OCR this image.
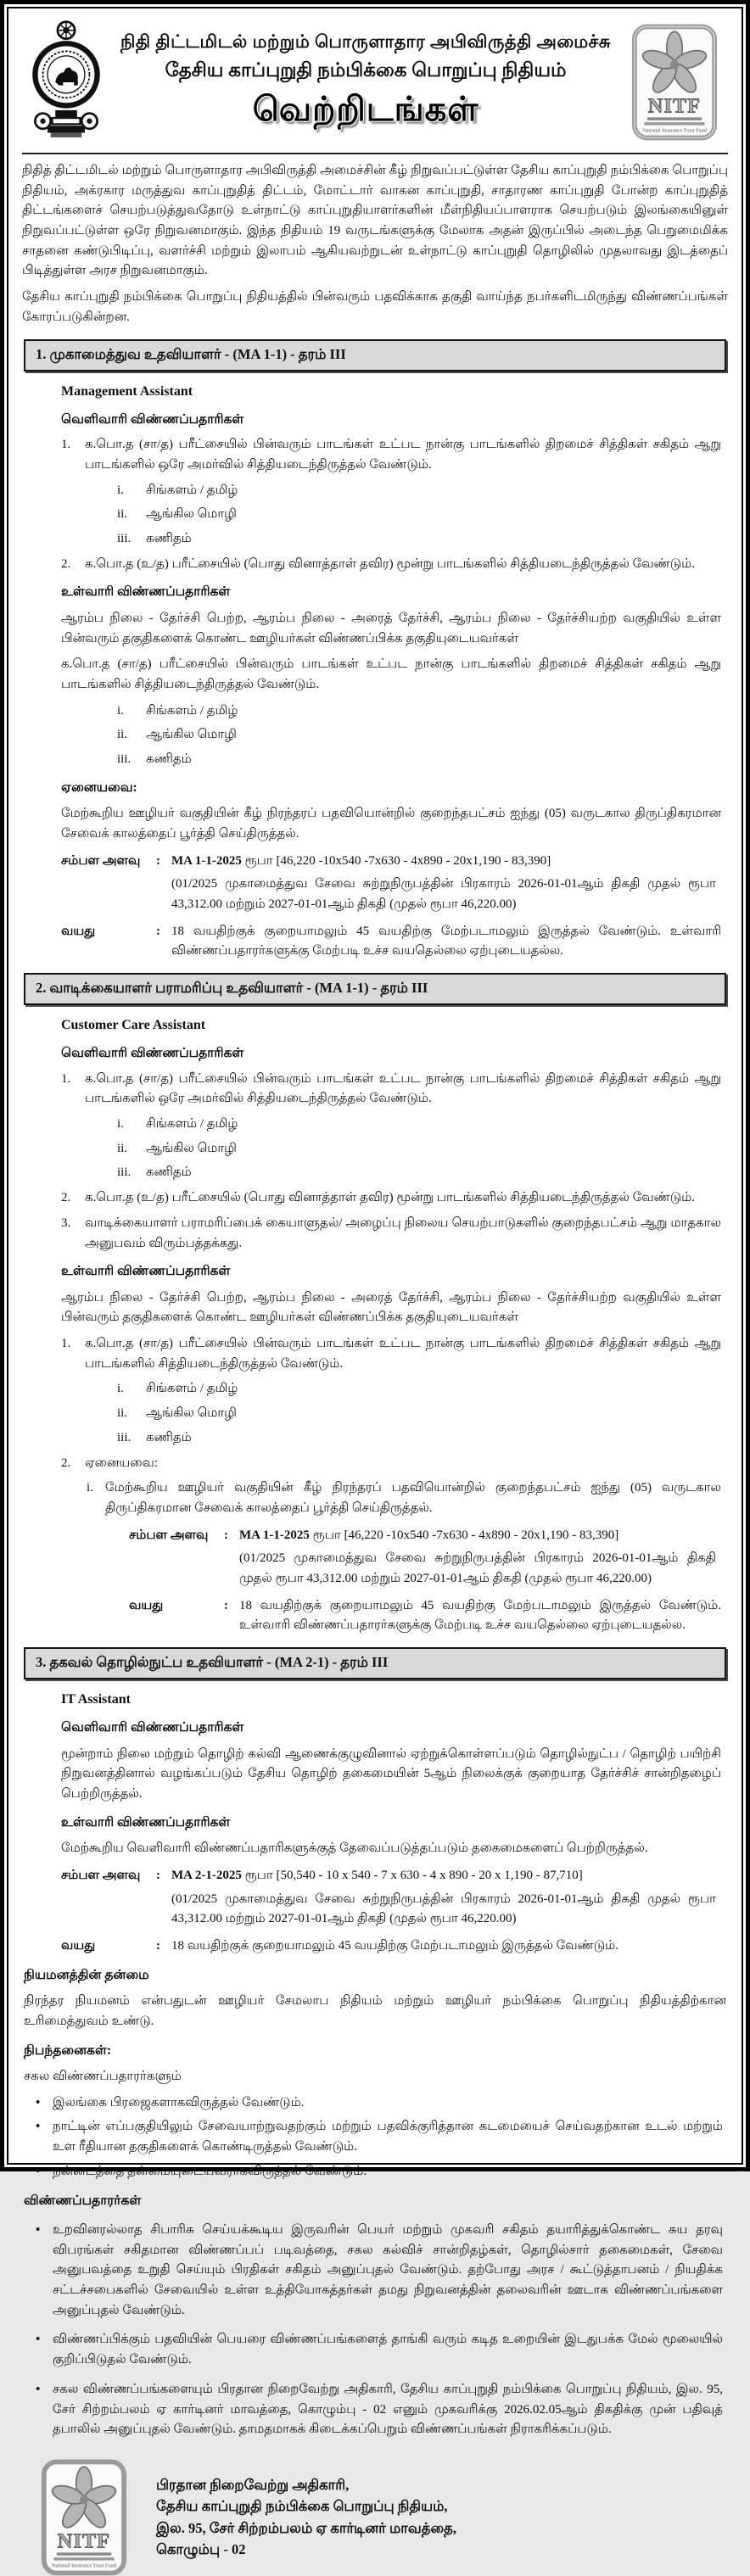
நிதி திட்டமிடல் மற்றும் பொருளாதார அபிவிருத்தி அமைச்சு
தேசிய காப்புறுதி நம்பிக்கை பொறுப்பு நிதியம்
வெற்றிடங்கள்	NITF
National Insurance Trust Fund

நிதித் திட்டமிடல் மற்றும் பொருளாதார அபிவிருத்தி அமைச்சின் கீழ் நிறுவப்பட்டுள்ள தேசிய காப்புறுதி நம்பிக்கை பொறுப்பு நிதியம், அக்ரகார மருத்துவ காப்புறுதித் திட்டம், மோட்டார் வாகன காப்புறுதி, சாதாரண காப்புறுதி போன்ற காப்புறுதித் திட்டங்களைச் செயற்படுத்துவதோடு உள்நாட்டு காப்புறுதியாளர்களின் மீள்நிதியப்பாளராக செயற்படும் இலங்கையினுள் நிறுவப்பட்டுள்ள ஒரே நிறுவனமாகும். இந்த நிதியம் 19 வருடங்களுக்கு மேலாக அதன் இருப்பில் அடைந்த பெறுமைமிக்க சாதனை கண்டுபிடிப்பு, வளர்ச்சி மற்றும் இலாபம் ஆகியவற்றுடன் உள்நாட்டு காப்புறுதி தொழிலில் முதலாவது இடத்தைப் பிடித்துள்ள அரச நிறுவனமாகும்.

தேசிய காப்புறுதி நம்பிக்கை பொறுப்பு நிதியத்தில் பின்வரும் பதவிக்காக தகுதி வாய்ந்த நபர்களிடமிருந்து விண்ணப்பங்கள் கோரப்படுகின்றன.

1. முகாமைத்துவ உதவியாளர் - (MA 1-1) - தரம் III
Management Assistant
வெளிவாரி விண்ணப்பதாரிகள்
1.	க.பொ.த (சா/த) பரீட்சையில் பின்வரும் பாடங்கள் உட்பட நான்கு பாடங்களில் திறமைச் சித்திகள் சகிதம் ஆறு பாடங்களில் ஒரே அமர்வில் சித்தியடைந்திருத்தல் வேண்டும்.
i.	சிங்களம் / தமிழ்
ii.	ஆங்கில மொழி
iii.	கணிதம்
2.	க.பொ.த (உ/த) பரீட்சையில் (பொது வினாத்தாள் தவிர) மூன்று பாடங்களில் சித்தியடைந்திருத்தல் வேண்டும்.
உள்வாரி விண்ணப்பதாரிகள்

ஆரம்ப நிலை - தேர்ச்சி பெற்ற, ஆரம்ப நிலை - அரைத் தேர்ச்சி, ஆரம்ப நிலை - தேர்ச்சியற்ற வகுதியில் உள்ள பின்வரும் தகுதிகளைக் கொண்ட ஊழியர்கள் விண்ணப்பிக்க தகுதியுடையவர்கள்

க.பொ.த (சா/த) பரீட்சையில் பின்வரும் பாடங்கள் உட்பட நான்கு பாடங்களில் திறமைச் சித்திகள் சகிதம் ஆறு பாடங்களில் சித்தியடைந்திருத்தல் வேண்டும்.

i.	சிங்களம் / தமிழ்
ii.	ஆங்கில மொழி
iii.	கணிதம்
ஏனையவை:

மேற்கூறிய ஊழியர் வகுதியின் கீழ் நிரந்தரப் பதவியொன்றில் குறைந்தபட்சம் ஐந்து (05) வருடகால திருப்திகரமான சேவைக் காலத்தைப் பூர்த்தி செய்திருத்தல்.

சம்பள அளவு	: MA 1-1-2025 ரூபா [46,220 -10x540 -7x630 - 4x890 - 20x1,190 - 83,390]
(01/2025 முகாமைத்துவ சேவை சுற்றுநிருபத்தின் பிரகாரம் 2026-01-01ஆம் திகதி முதல் ரூபா 43,312.00 மற்றும் 2027-01-01ஆம் திகதி (முதல் ரூபா 46,220.00)
வயது	: 18 வயதிற்குக் குறையாமலும் 45 வயதிற்கு மேற்படாமலும் இருத்தல் வேண்டும். உள்வாரி விண்ணப்பதாரர்களுக்கு மேற்படி உச்ச வயதெல்லை ஏற்புடையதல்ல.
2. வாடிக்கையாளர் பராமரிப்பு உதவியாளர் - (MA 1-1) - தரம் III
Customer Care Assistant
வெளிவாரி விண்ணப்பதாரிகள்
1.	க.பொ.த (சா/த) பரீட்சையில் பின்வரும் பாடங்கள் உட்பட நான்கு பாடங்களில் திறமைச் சித்திகள் சகிதம் ஆறு பாடங்களில் ஒரே அமர்வில் சித்தியடைந்திருத்தல் வேண்டும்.
i.	சிங்களம் / தமிழ்
ii.	ஆங்கில மொழி
iii.	கணிதம்
2.	க.பொ.த (உ/த) பரீட்சையில் (பொது வினாத்தாள் தவிர) மூன்று பாடங்களில் சித்தியடைந்திருத்தல் வேண்டும்.
3.	வாடிக்கையாளர் பராமரிப்பைக் கையாளுதல்/ அழைப்பு நிலைய செயற்பாடுகளில் குறைந்தபட்சம் ஆறு மாதகால அனுபவம் விரும்பத்தக்கது.
உள்வாரி விண்ணப்பதாரிகள்

ஆரம்ப நிலை - தேர்ச்சி பெற்ற, ஆரம்ப நிலை - அரைத் தேர்ச்சி, ஆரம்ப நிலை - தேர்ச்சியற்ற வகுதியில் உள்ள பின்வரும் தகுதிகளைக் கொண்ட ஊழியர்கள் விண்ணப்பிக்க தகுதியுடையவர்கள்

1.	க.பொ.த (சா/த) பரீட்சையில் பின்வரும் பாடங்கள் உட்பட நான்கு பாடங்களில் திறமைச் சித்திகள் சகிதம் ஆறு பாடங்களில் சித்தியடைந்திருத்தல் வேண்டும்.
i.	சிங்களம் / தமிழ்
ii.	ஆங்கில மொழி
iii.	கணிதம்
2.	ஏனையவை:
i. மேற்கூறிய ஊழியர் வகுதியின் கீழ் நிரந்தரப் பதவியொன்றில் குறைந்தபட்சம் ஐந்து (05) வருடகால திருப்திகரமான சேவைக் காலத்தைப் பூர்த்தி செய்திருத்தல்.
சம்பள அளவு	: MA 1-1-2025 ரூபா [46,220 -10x540 -7x630 - 4x890 - 20x1,190 - 83,390]
(01/2025 முகாமைத்துவ சேவை சுற்றுநிருபத்தின் பிரகாரம் 2026-01-01ஆம் திகதி முதல் ரூபா 43,312.00 மற்றும் 2027-01-01ஆம் திகதி (முதல் ரூபா 46,220.00)
வயது	: 18 வயதிற்குக் குறையாமலும் 45 வயதிற்கு மேற்படாமலும் இருத்தல் வேண்டும். உள்வாரி விண்ணப்பதாரர்களுக்கு மேற்படி உச்ச வயதெல்லை ஏற்புடையதல்ல.
3. தகவல் தொழில்நுட்ப உதவியாளர் - (MA 2-1) - தரம் III
IT Assistant
வெளிவாரி விண்ணப்பதாரிகள்

மூன்றாம் நிலை மற்றும் தொழிற் கல்வி ஆணைக்குழுவினால் ஏற்றுக்கொள்ளப்படும் தொழில்நுட்ப / தொழிற் பயிற்சி நிறுவனத்தினால் வழங்கப்படும் தேசிய தொழிற் தகைமையின் 5ஆம் நிலைக்குக் குறையாத தேர்ச்சிச் சான்றிதழைப் பெற்றிருத்தல்.

உள்வாரி விண்ணப்பதாரிகள்

மேற்கூறிய வெளிவாரி விண்ணப்பதாரிகளுக்குத் தேவைப்படுத்தப்படும் தகைமைகளைப் பெற்றிருத்தல்.

சம்பள அளவு	: MA 2-1-2025 ரூபா [50,540 - 10 x 540 - 7 x 630 - 4 x 890 - 20 x 1,190 - 87,710]
(01/2025 முகாமைத்துவ சேவை சுற்றுநிருபத்தின் பிரகாரம் 2026-01-01ஆம் திகதி முதல் ரூபா 43,312.00 மற்றும் 2027-01-01ஆம் திகதி (முதல் ரூபா 46,220.00)
வயது	: 18 வயதிற்குக் குறையாமலும் 45 வயதிற்கு மேற்படாமலும் இருத்தல் வேண்டும்.
நியமனத்தின் தன்மை

நிரந்தர நியமனம் என்பதுடன் ஊழியர் சேமலாப நிதியம் மற்றும் ஊழியர் நம்பிக்கை பொறுப்பு நிதியத்திற்கான உரிமைத்துவம் உண்டு.

நிபந்தனைகள்:

சகல விண்ணப்பதாரர்களும்

• இலங்கை பிரஜைகளாகவிருத்தல் வேண்டும்.
• நாட்டின் எப்பகுதியிலும் சேவையாற்றுவதற்கும் மற்றும் பதவிக்குரித்தான கடமையைச் செய்வதற்கான உடல் மற்றும் உள ரீதியான தகுதிகளைக் கொண்டிருத்தல் வேண்டும்.
• நன்னடத்தை தன்மையுடையவராகவிருத்தல் வேண்டும்.
விண்ணப்பதாரர்கள்
• உறவினரல்லாத சிபாரிசு செய்யக்கூடிய இருவரின் பெயர் மற்றும் முகவரி சகிதம் தயாரித்துக்கொண்ட சுய தரவு விபரங்கள் சகிதமான விண்ணப்பப் படிவத்தை, சகல கல்விச் சான்றிதழ்கள், தொழில்சார் தகைமைகள், சேவை அனுபவத்தை உறுதி செய்யும் பிரதிகள் சகிதம் அனுப்புதல் வேண்டும். தற்போது அரச / கூட்டுத்தாபனம் / நியதிக்க சட்டச்சபைகளில் சேவையில் உள்ள உத்தியோகத்தர்கள் தமது நிறுவனத்தின் தலைவரின் ஊடாக விண்ணப்பங்களை அனுப்புதல் வேண்டும்.
• விண்ணப்பிக்கும் பதவியின் பெயரை விண்ணப்பங்களைத் தாங்கி வரும் கடித உறையின் இடதுபக்க மேல் மூலையில் குறிப்பிடுதல் வேண்டும்.
• சகல விண்ணப்பங்களையும் பிரதான நிறைவேற்று அதிகாரி, தேசிய காப்புறுதி நம்பிக்கை பொறுப்பு நிதியம், இல. 95, சேர் சிற்றம்பலம் ஏ கார்டினர் மாவத்தை, கொழும்பு - 02 எனும் முகவரிக்கு 2026.02.05ஆம் திகதிக்கு முன் பதிவுத் தபாலில் அனுப்புதல் வேண்டும். தாமதமாகக் கிடைக்கப்பெறும் விண்ணப்பங்கள் நிராகரிக்கப்படும்.
NITF
National Insurance Trust Fund
பிரதான நிறைவேற்று அதிகாரி,
தேசிய காப்புறுதி நம்பிக்கை பொறுப்பு நிதியம்,
இல. 95, சேர் சிற்றம்பலம் ஏ கார்டினர் மாவத்தை,
கொழும்பு - 02
